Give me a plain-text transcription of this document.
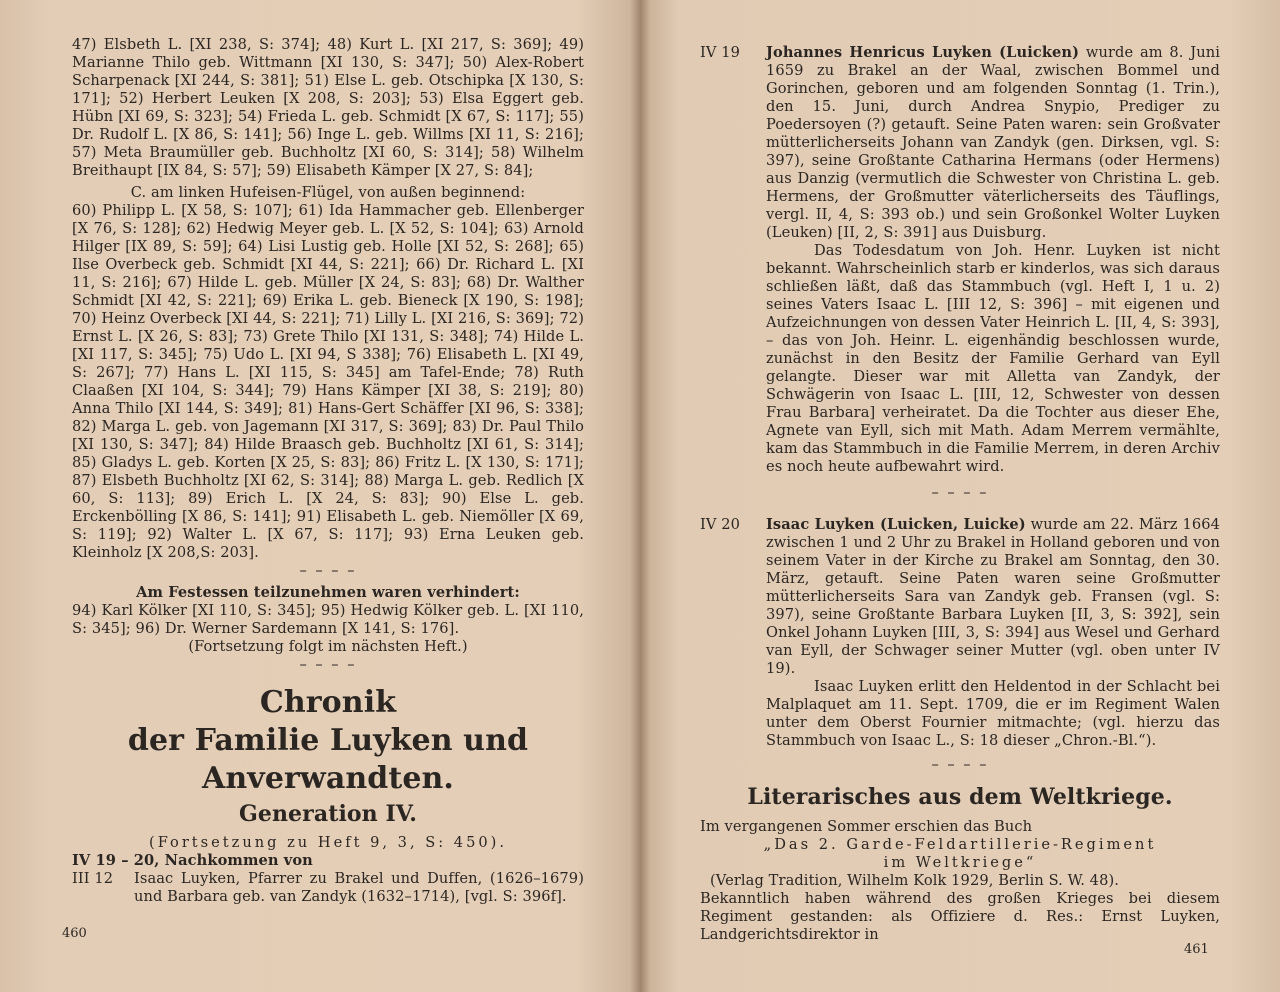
47) Elsbeth L. [XI 238, S: 374]; 48) Kurt L. [XI 217, S: 369]; 49) Marianne Thilo geb. Wittmann [XI 130, S: 347]; 50) Alex-Robert Scharpenack [XI 244, S: 381]; 51) Else L. geb. Otschipka [X 130, S: 171]; 52) Herbert Leuken [X 208, S: 203]; 53) Elsa Eggert geb. Hübn [XI 69, S: 323]; 54) Frieda L. geb. Schmidt [X 67, S: 117]; 55) Dr. Rudolf L. [X 86, S: 141]; 56) Inge L. geb. Willms [XI 11, S: 216]; 57) Meta Braumüller geb. Buchholtz [XI 60, S: 314]; 58) Wilhelm Breithaupt [IX 84, S: 57]; 59) Elisabeth Kämper [X 27, S: 84];

C. am linken Hufeisen-Flügel, von außen beginnend:

60) Philipp L. [X 58, S: 107]; 61) Ida Hammacher geb. Ellenberger [X 76, S: 128]; 62) Hedwig Meyer geb. L. [X 52, S: 104]; 63) Arnold Hilger [IX 89, S: 59]; 64) Lisi Lustig geb. Holle [XI 52, S: 268]; 65) Ilse Overbeck geb. Schmidt [XI 44, S: 221]; 66) Dr. Richard L. [XI 11, S: 216]; 67) Hilde L. geb. Müller [X 24, S: 83]; 68) Dr. Walther Schmidt [XI 42, S: 221]; 69) Erika L. geb. Bieneck [X 190, S: 198]; 70) Heinz Overbeck [XI 44, S: 221]; 71) Lilly L. [XI 216, S: 369]; 72) Ernst L. [X 26, S: 83]; 73) Grete Thilo [XI 131, S: 348]; 74) Hilde L. [XI 117, S: 345]; 75) Udo L. [XI 94, S 338]; 76) Elisabeth L. [XI 49, S: 267]; 77) Hans L. [XI 115, S: 345] am Tafel-Ende; 78) Ruth Claaßen [XI 104, S: 344]; 79) Hans Kämper [XI 38, S: 219]; 80) Anna Thilo [XI 144, S: 349]; 81) Hans-Gert Schäffer [XI 96, S: 338]; 82) Marga L. geb. von Jagemann [XI 317, S: 369]; 83) Dr. Paul Thilo [XI 130, S: 347]; 84) Hilde Braasch geb. Buchholtz [XI 61, S: 314]; 85) Gladys L. geb. Korten [X 25, S: 83]; 86) Fritz L. [X 130, S: 171]; 87) Elsbeth Buchholtz [XI 62, S: 314]; 88) Marga L. geb. Redlich [X 60, S: 113]; 89) Erich L. [X 24, S: 83]; 90) Else L. geb. Erckenbölling [X 86, S: 141]; 91) Elisabeth L. geb. Niemöller [X 69, S: 119]; 92) Walter L. [X 67, S: 117]; 93) Erna Leuken geb. Kleinholz [X 208,S: 203].

– – – –

Am Festessen teilzunehmen waren verhindert:

94) Karl Kölker [XI 110, S: 345]; 95) Hedwig Kölker geb. L. [XI 110, S: 345]; 96) Dr. Werner Sardemann [X 141, S: 176].

(Fortsetzung folgt im nächsten Heft.)

– – – –

Chronik
der Familie Luyken und Anverwandten.
Generation IV.

(Fortsetzung zu Heft 9, 3, S: 450).

IV 19 – 20, Nachkommen von

III 12	Isaac Luyken, Pfarrer zu Brakel und Duffen, (1626–1679) und Barbara geb. van Zandyk (1632–1714), [vgl. S: 396f].
460
IV 19	Johannes Henricus Luyken (Luicken) wurde am 8. Juni 1659 zu Brakel an der Waal, zwischen Bommel und Gorinchen, geboren und am folgenden Sonntag (1. Trin.), den 15. Juni, durch Andrea Snypio, Prediger zu Poedersoyen (?) getauft. Seine Paten waren: sein Großvater mütterlicherseits Johann van Zandyk (gen. Dirksen, vgl. S: 397), seine Großtante Catharina Hermans (oder Hermens) aus Danzig (vermutlich die Schwester von Christina L. geb. Hermens, der Großmutter väterlicherseits des Täuflings, vergl. II, 4, S: 393 ob.) und sein Großonkel Wolter Luyken (Leuken) [II, 2, S: 391] aus Duisburg.
Das Todesdatum von Joh. Henr. Luyken ist nicht bekannt. Wahrscheinlich starb er kinderlos, was sich daraus schließen läßt, daß das Stammbuch (vgl. Heft I, 1 u. 2) seines Vaters Isaac L. [III 12, S: 396] – mit eigenen und Aufzeichnungen von dessen Vater Heinrich L. [II, 4, S: 393], – das von Joh. Heinr. L. eigenhändig beschlossen wurde, zunächst in den Besitz der Familie Gerhard van Eyll gelangte. Dieser war mit Alletta van Zandyk, der Schwägerin von Isaac L. [III, 12, Schwester von dessen Frau Barbara] verheiratet. Da die Tochter aus dieser Ehe, Agnete van Eyll, sich mit Math. Adam Merrem vermählte, kam das Stammbuch in die Familie Merrem, in deren Archiv es noch heute aufbewahrt wird.

– – – –

IV 20	Isaac Luyken (Luicken, Luicke) wurde am 22. März 1664 zwischen 1 und 2 Uhr zu Brakel in Holland geboren und von seinem Vater in der Kirche zu Brakel am Sonntag, den 30. März, getauft. Seine Paten waren seine Großmutter mütterlicherseits Sara van Zandyk geb. Fransen (vgl. S: 397), seine Großtante Barbara Luyken [II, 3, S: 392], sein Onkel Johann Luyken [III, 3, S: 394] aus Wesel und Gerhard van Eyll, der Schwager seiner Mutter (vgl. oben unter IV 19).
Isaac Luyken erlitt den Heldentod in der Schlacht bei Malplaquet am 11. Sept. 1709, die er im Regiment Walen unter dem Oberst Fournier mitmachte; (vgl. hierzu das Stammbuch von Isaac L., S: 18 dieser „Chron.-Bl.“).

– – – –

Literarisches aus dem Weltkriege.

Im vergangenen Sommer erschien das Buch

„Das 2. Garde-Feldartillerie-Regiment

im Weltkriege“

(Verlag Tradition, Wilhelm Kolk 1929, Berlin S. W. 48).

Bekanntlich haben während des großen Krieges bei diesem Regiment gestanden: als Offiziere d. Res.: Ernst Luyken, Landgerichtsdirektor in

461
